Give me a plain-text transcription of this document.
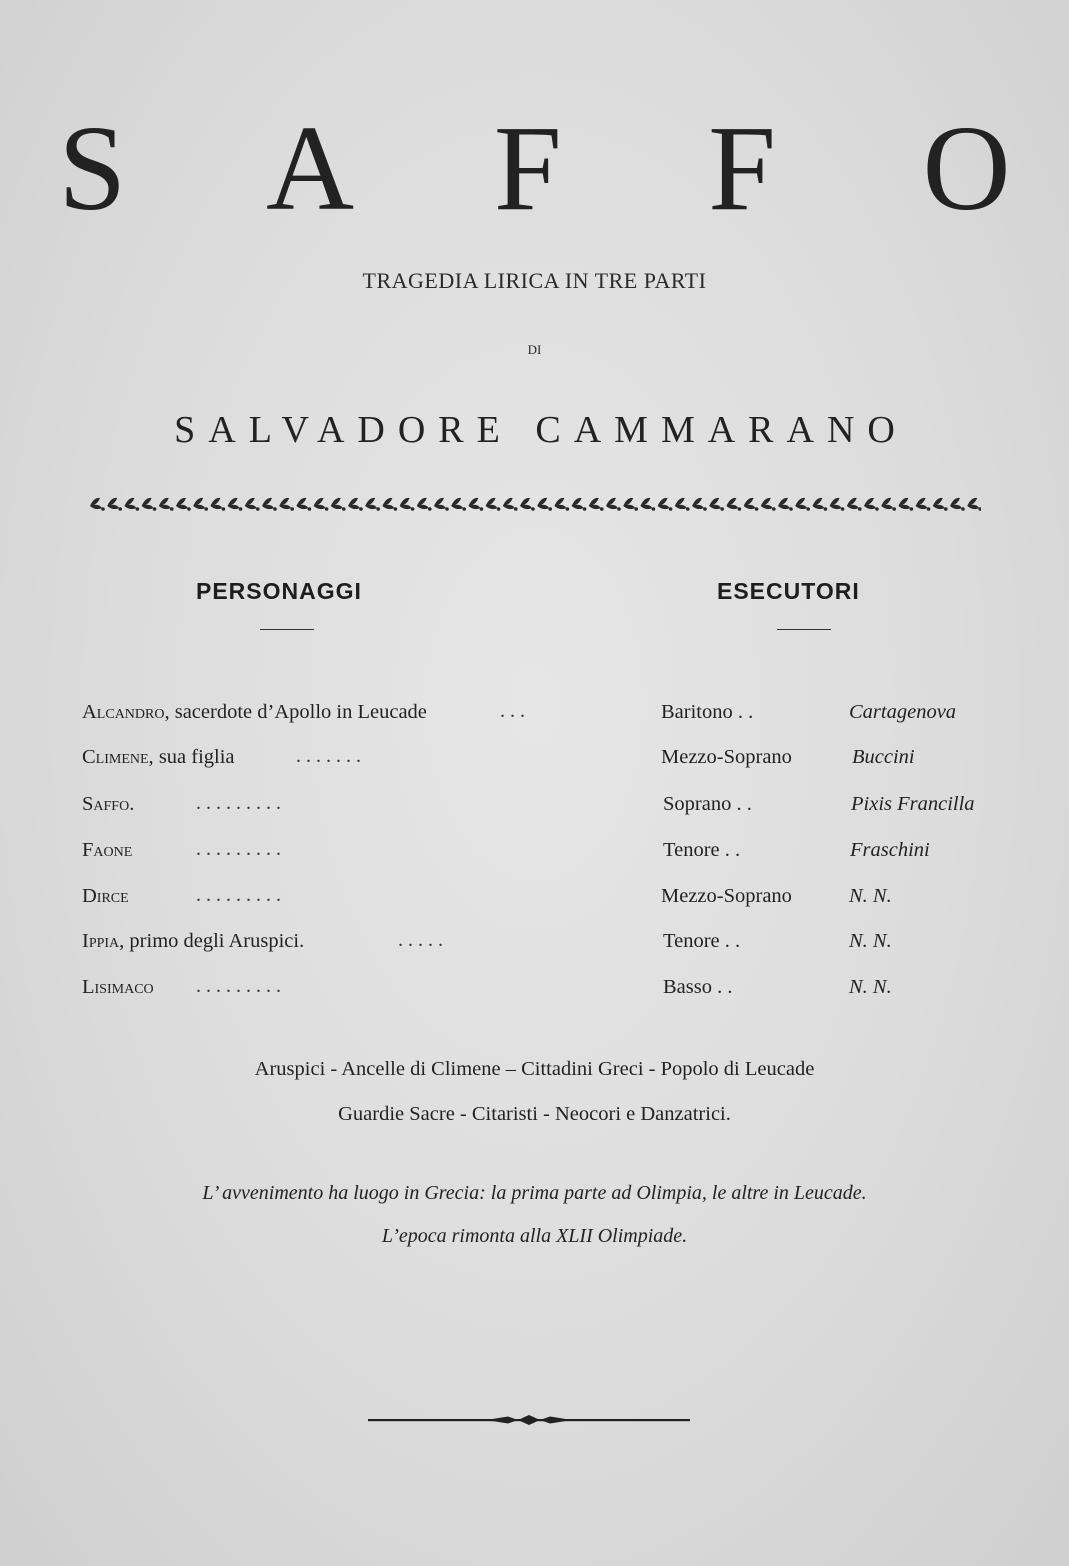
S A F F O
TRAGEDIA LIRICA IN TRE PARTI
DI
SALVADORE CAMMARANO
PERSONAGGI	ESECUTORI
Alcandro, sacerdote d’Apollo in Leucade	. . .	Baritono . .	Cartagenova
Climene, sua figlia	. . . . . . .	Mezzo-Soprano	Buccini
Saffo.	. . . . . . . . .	Soprano . .	Pixis Francilla
Faone	. . . . . . . . .	Tenore . .	Fraschini
Dirce	. . . . . . . . .	Mezzo-Soprano	N. N.
Ippia, primo degli Aruspici.	. . . . .	Tenore . .	N. N.
Lisimaco . . . . . . . . .	Basso . .	N. N.
Aruspici - Ancelle di Climene – Cittadini Greci - Popolo di Leucade
Guardie Sacre - Citaristi - Neocori e Danzatrici.
L’ avvenimento ha luogo in Grecia: la prima parte ad Olimpia, le altre in Leucade.
L’epoca rimonta alla XLII Olimpiade.
